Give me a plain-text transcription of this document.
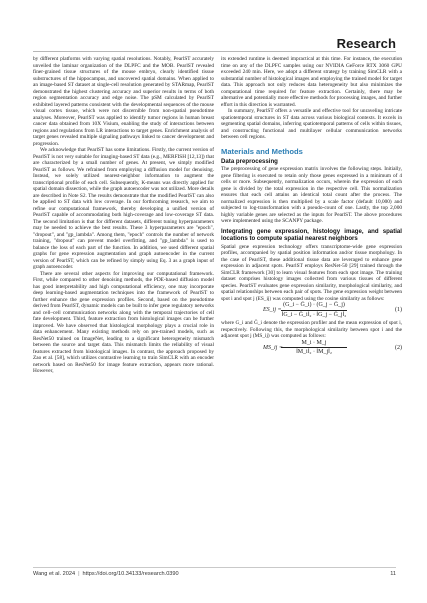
Research

by different platforms with varying spatial resolutions. Notably, PearlST accurately unveiled the laminar organization of the DLPFC and the MOB. PearlST revealed finer-grained tissue structures of the mouse embryo, clearly identified tissue substructures of the hippocampus, and uncovered spatial domains. When applied to an image-based ST dataset at single-cell resolution generated by STARmap, PearlST demonstrated the highest clustering accuracy and superior results in terms of both region segmentation accuracy and edge noise. The pSM calculated by PearlST exhibited layered patterns consistent with the developmental sequences of the mouse visual cortex tissue, which were not discernible from non-spatial pseudotime analyses. Moreover, PearlST was applied to identify tumor regions in human breast cancer data obtained from 10X Visium, enabling the study of interactions between regions and regulations from LR interactions to target genes. Enrichment analysis of target genes revealed multiple signaling pathways linked to cancer development and progression.

We acknowledge that PearlST has some limitations. Firstly, the current version of PearlST is not very suitable for imaging-based ST data (e.g., MERFISH [12,13]) that are characterized by a small number of genes. At present, we simply modified PearlST as follows. We refrained from employing a diffusion model for denoising. Instead, we solely utilized nearest-neighbor information to augment the transcriptional profile of each cell. Subsequently, K-means was directly applied for spatial domain dissection, while the graph autoencoder was not utilized. More details are described in Note S2. The results demonstrate that the modified PearlST can also be applied to ST data with low coverage. In our forthcoming research, we aim to refine our computational framework, thereby developing a unified version of PearlST capable of accommodating both high-coverage and low-coverage ST data. The second limitation is that for different datasets, different tuning hyperparameters may be needed to achieve the best results. These 3 hyperparameters are "epoch", "dropout", and "gp_lambda". Among them, "epoch" controls the number of network training, "dropout" can prevent model overfitting, and "gp_lambda" is used to balance the loss of each part of the function. In addition, we used different spatial graphs for gene expression augmentation and graph autoencoder in the current version of PearlST, which can be refined by simply using Eq. 3 as a graph input of graph autoencoder.

There are several other aspects for improving our computational framework. First, while compared to other denoising methods, the PDE-based diffusion model has good interpretability and high computational efficiency, one may incorporate deep learning-based augmentation techniques into the framework of PearlST to further enhance the gene expression profiles. Second, based on the pseudotime derived from PearlST, dynamic models can be built to infer gene regulatory networks and cell–cell communication networks along with the temporal trajectories of cell fate development. Third, feature extraction from histological images can be further improved. We have observed that histological morphology plays a crucial role in data enhancement. Many existing methods rely on pre-trained models, such as ResNet50 trained on ImageNet, leading to a significant heterogeneity mismatch between the source and target data. This mismatch limits the reliability of visual features extracted from histological images. In contrast, the approach proposed by Zao et al. [58], which utilizes contrastive learning to train SimCLR with an encoder network based on ResNet50 for image feature extraction, appears more rational. However,

its extended runtime is deemed impractical at this time. For instance, the execution time on any of the DLPFC samples using our NVIDIA GeForce RTX 3060 GPU exceeded 240 min. Here, we adopt a different strategy by training SimCLR with a substantial number of histological images and employing the trained model for target data. This approach not only reduces data heterogeneity but also minimizes the computational time required for feature extraction. Certainly, there may be alternative and potentially more effective methods for processing images, and further effort in this direction is warranted.

In summary, PearlST offers a versatile and effective tool for unraveling intricate spatiotemporal structures in ST data across various biological contexts. It excels in segmenting spatial domains, inferring spatiotemporal patterns of cells within tissues, and constructing functional and multilayer cellular communication networks between cell regions.

Materials and Methods
Data preprocessing

The preprocessing of gene expression matrix involves the following steps. Initially, gene filtering is executed to retain only those genes expressed in a minimum of 4 cells or more. Subsequently, normalization occurs, wherein the expression of each gene is divided by the total expression in the respective cell. This normalization ensures that each cell attains an identical total count after the process. The normalized expression is then multiplied by a scale factor (default 10,000) and subjected to log-transformation with a pseudo-count of one. Lastly, the top 2,000 highly variable genes are selected as the inputs for PearlST. The above procedures were implemented using the SCANPY package.

Integrating gene expression, histology image, and spatial locations to compute spatial nearest neighbors

Spatial gene expression technology offers transcriptome-wide gene expression profiles, accompanied by spatial position information and/or tissue morphology. In the case of PearlST, these additional tissue data are leveraged to enhance gene expression in adjacent spots. PearlST employs ResNet-50 [29] trained through the SimCLR framework [30] to learn visual features from each spot image. The training dataset comprises histology images collected from various tissues of different species. PearlST evaluates gene expression similarity, morphological similarity, and spatial relationships between each pair of spots. The gene expression weight between spot i and spot j (ES_ij) was computed using the cosine similarity as follows:

ES_ij = $\frac{\text{(G\_i − Ḡ\_i) · (G\_j − Ḡ\_j)}}{\text{‖G\_i − Ḡ\_i‖₂ · ‖G\_j − Ḡ\_j‖₂}}$	(1)

where G_i and Ḡ_i denote the expression profiler and the mean expression of spot i, respectively. Following this, the morphological similarity between spot i and the adjacent spot j (MS_ij) was computed as follows:

MS_ij =
$\frac{M\_i \cdot M\_j}{\text{‖M\_i‖₂ · ‖M\_j‖₂}}$	(2)
Wang et al. 2024 | https://doi.org/10.34133/research.0390	11
